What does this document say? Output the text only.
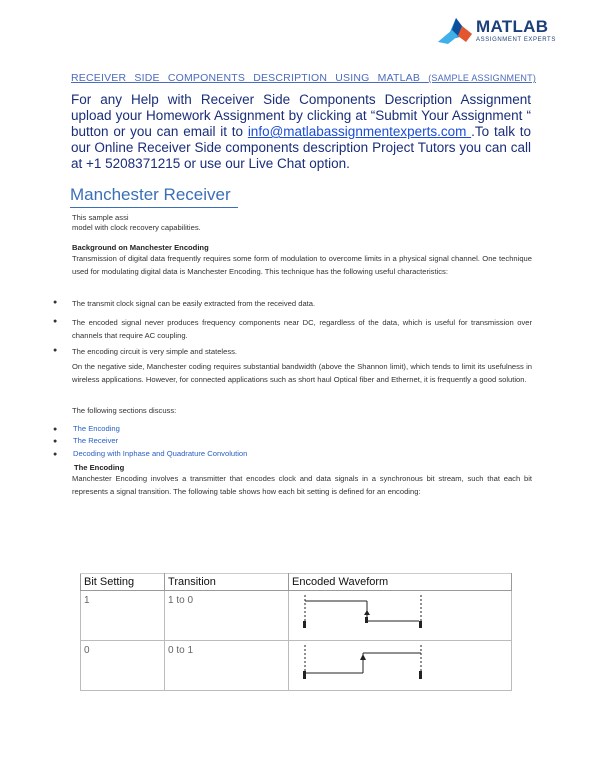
MATLAB
ASSIGNMENT EXPERTS
RECEIVER SIDE COMPONENTS DESCRIPTION USING MATLAB (SAMPLE ASSIGNMENT)
For any Help with Receiver Side Components Description Assignment upload your Homework Assignment by clicking at “Submit Your Assignment “ button or you can email it to info@matlabassignmentexperts.com .To talk to our Online Receiver Side components description Project Tutors you can call at +1 5208371215 or use our Live Chat option.
Manchester Receiver
This sample assi
model with clock recovery capabilities.
Background on Manchester Encoding
Transmission of digital data frequently requires some form of modulation to overcome limits in a physical signal channel. One technique used for modulating digital data is Manchester Encoding. This technique has the following useful characteristics:
● The transmit clock signal can be easily extracted from the received data.
● The encoded signal never produces frequency components near DC, regardless of the data, which is useful for transmission over channels that require AC coupling.
● The encoding circuit is very simple and stateless.
On the negative side, Manchester coding requires substantial bandwidth (above the Shannon limit), which tends to limit its usefulness in wireless applications. However, for connected applications such as short haul Optical fiber and Ethernet, it is frequently a good solution.
The following sections discuss:
● The Encoding
● The Receiver
● Decoding with Inphase and Quadrature Convolution
The Encoding
Manchester Encoding involves a transmitter that encodes clock and data signals in a synchronous bit stream, such that each bit represents a signal transition. The following table shows how each bit setting is defined for an encoding:
Bit Setting	Transition	Encoded Waveform
1	1 to 0	
0	0 to 1	
